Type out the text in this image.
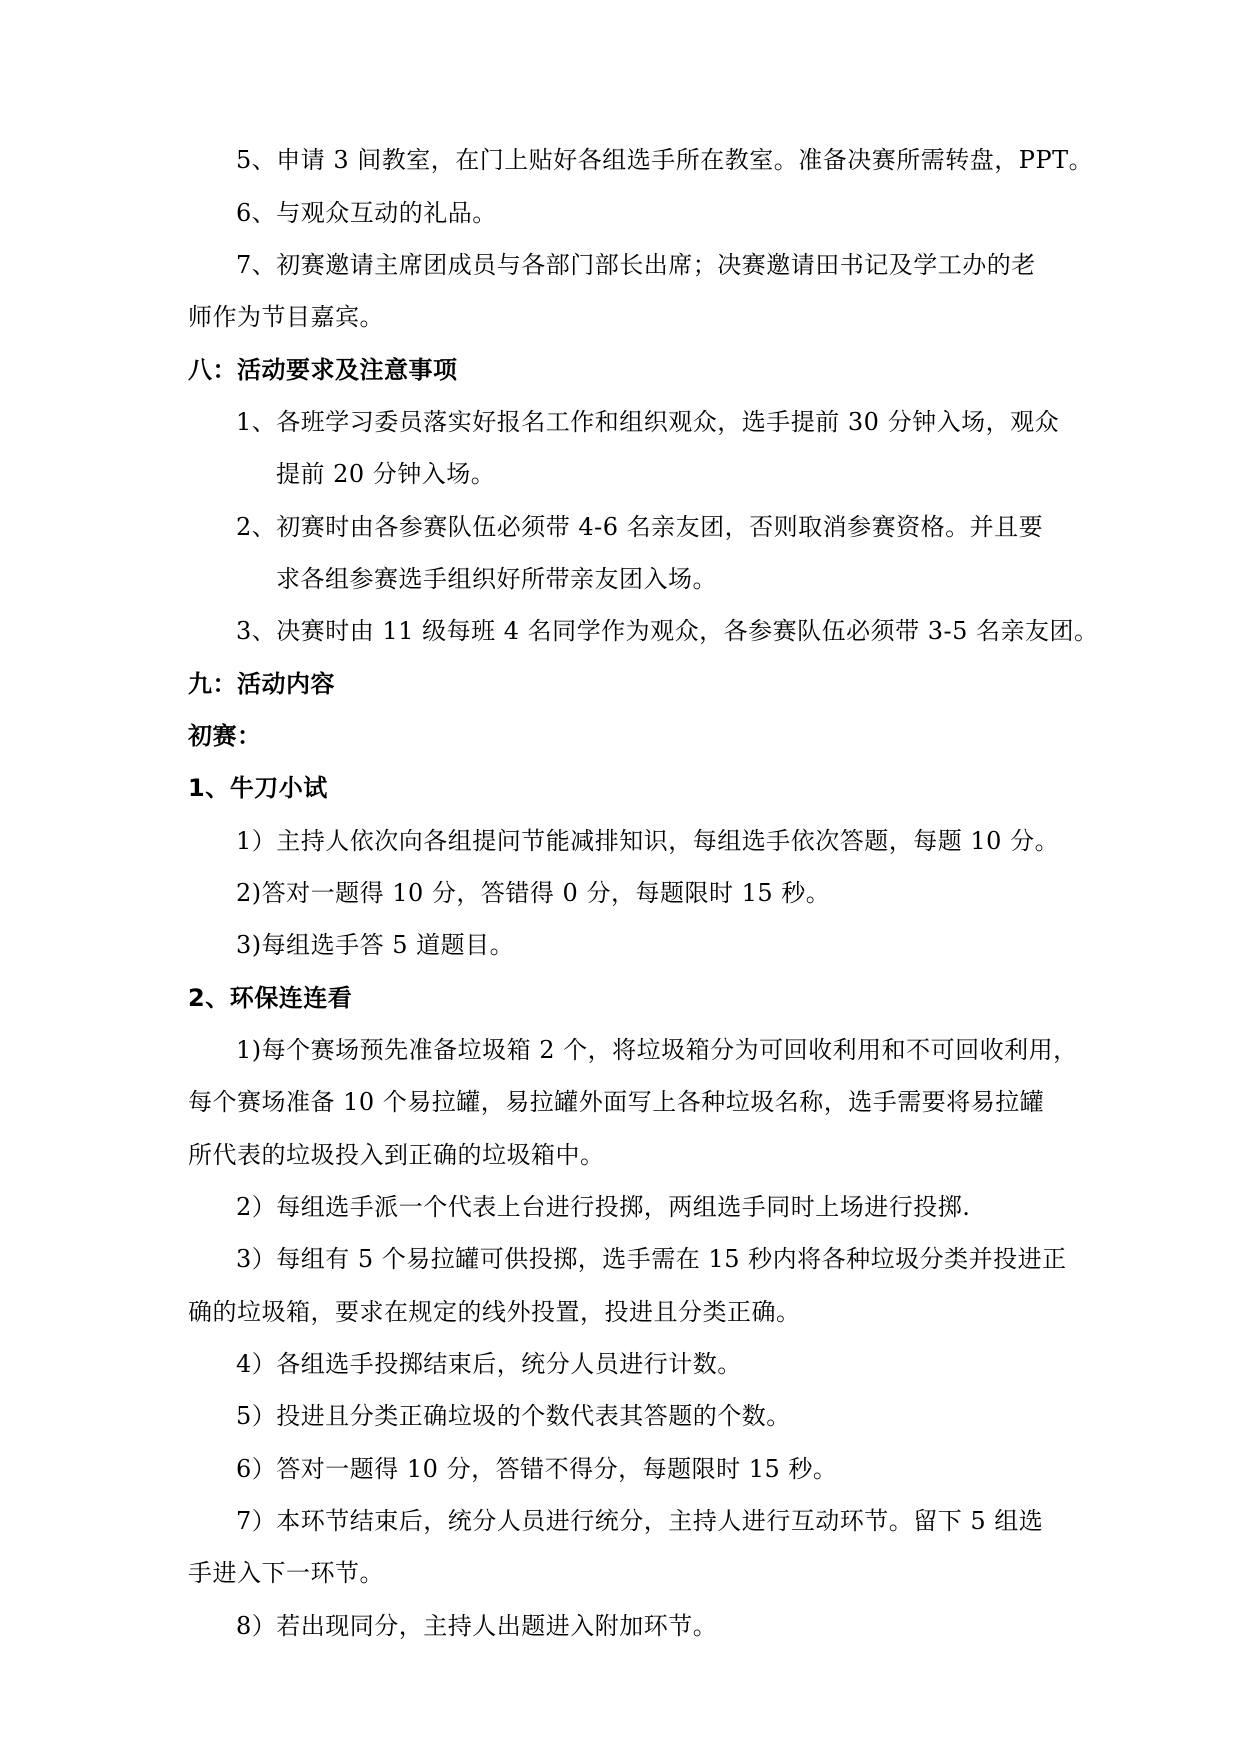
5、申请 3 间教室，在门上贴好各组选手所在教室。准备决赛所需转盘，PPT。
6、与观众互动的礼品。
7、初赛邀请主席团成员与各部门部长出席；决赛邀请田书记及学工办的老
师作为节目嘉宾。
八：活动要求及注意事项
1、各班学习委员落实好报名工作和组织观众，选手提前 30 分钟入场，观众
提前 20 分钟入场。
2、初赛时由各参赛队伍必须带 4-6 名亲友团，否则取消参赛资格。并且要
求各组参赛选手组织好所带亲友团入场。
3、决赛时由 11 级每班 4 名同学作为观众，各参赛队伍必须带 3-5 名亲友团。
九：活动内容
初赛：
1、牛刀小试
1）主持人依次向各组提问节能减排知识，每组选手依次答题，每题 10 分。
2)答对一题得 10 分，答错得 0 分，每题限时 15 秒。
3)每组选手答 5 道题目。
2、环保连连看
1)每个赛场预先准备垃圾箱 2 个，将垃圾箱分为可回收利用和不可回收利用，
每个赛场准备 10 个易拉罐，易拉罐外面写上各种垃圾名称，选手需要将易拉罐
所代表的垃圾投入到正确的垃圾箱中。
2）每组选手派一个代表上台进行投掷，两组选手同时上场进行投掷.
3）每组有 5 个易拉罐可供投掷，选手需在 15 秒内将各种垃圾分类并投进正
确的垃圾箱，要求在规定的线外投置，投进且分类正确。
4）各组选手投掷结束后，统分人员进行计数。
5）投进且分类正确垃圾的个数代表其答题的个数。
6）答对一题得 10 分，答错不得分，每题限时 15 秒。
7）本环节结束后，统分人员进行统分，主持人进行互动环节。留下 5 组选
手进入下一环节。
8）若出现同分，主持人出题进入附加环节。
